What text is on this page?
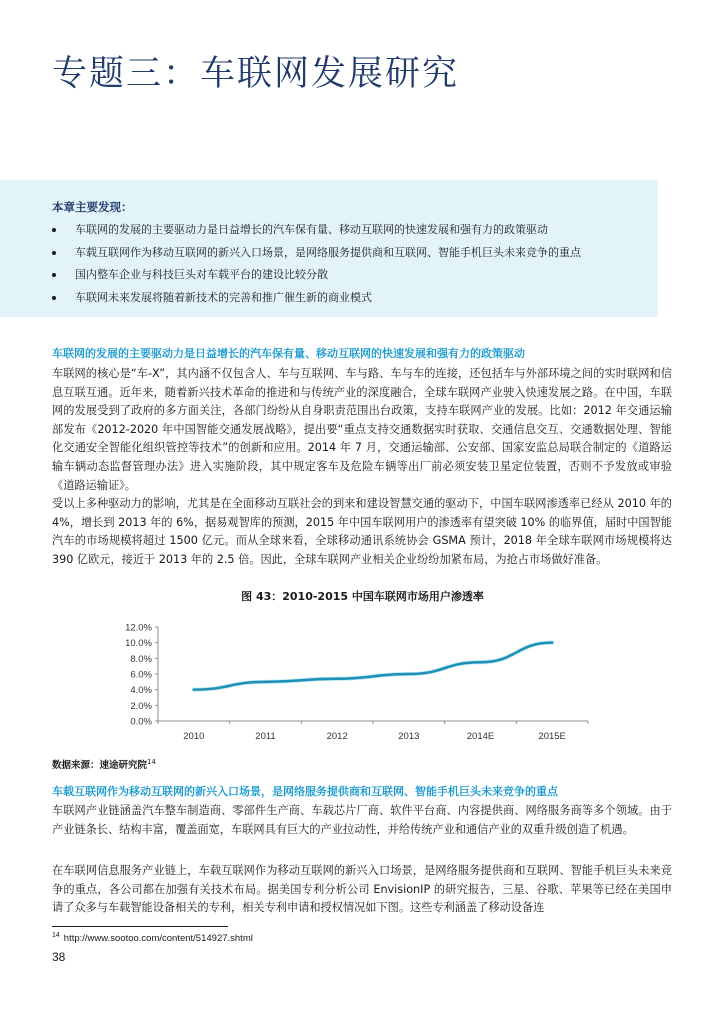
专题三：车联网发展研究
本章主要发现：
车联网的发展的主要驱动力是日益增长的汽车保有量、移动互联网的快速发展和强有力的政策驱动
车载互联网作为移动互联网的新兴入口场景，是网络服务提供商和互联网、智能手机巨头未来竞争的重点
国内整车企业与科技巨头对车载平台的建设比较分散
车联网未来发展将随着新技术的完善和推广催生新的商业模式
车联网的发展的主要驱动力是日益增长的汽车保有量、移动互联网的快速发展和强有力的政策驱动

车联网的核心是“车-X”，其内涵不仅包含人、车与互联网、车与路、车与车的连接，还包括车与外部环境之间的实时联网和信息互联互通。近年来，随着新兴技术革命的推进和与传统产业的深度融合，全球车联网产业驶入快速发展之路。在中国，车联网的发展受到了政府的多方面关注，各部门纷纷从自身职责范围出台政策，支持车联网产业的发展。比如：2012 年交通运输部发布《2012-2020 年中国智能交通发展战略》，提出要“重点支持交通数据实时获取、交通信息交互、交通数据处理、智能化交通安全智能化组织管控等技术”的创新和应用。2014 年 7 月，交通运输部、公安部、国家安监总局联合制定的《道路运输车辆动态监督管理办法》进入实施阶段，其中规定客车及危险车辆等出厂前必须安装卫星定位装置，否则不予发放或审验《道路运输证》。

受以上多种驱动力的影响，尤其是在全面移动互联社会的到来和建设智慧交通的驱动下，中国车联网渗透率已经从 2010 年的 4%，增长到 2013 年的 6%，据易观智库的预测，2015 年中国车联网用户的渗透率有望突破 10% 的临界值，届时中国智能汽车的市场规模将超过 1500 亿元。而从全球来看，全球移动通讯系统协会 GSMA 预计，2018 年全球车联网市场规模将达 390 亿欧元，接近于 2013 年的 2.5 倍。因此，全球车联网产业相关企业纷纷加紧布局，为抢占市场做好准备。

图 43：2010-2015 中国车联网市场用户渗透率
0.0%
2.0%
4.0%
6.0%
8.0%
10.0%
12.0%
2010	2011	2012	2013	2014E	2015E
数据来源：速途研究院$^{14}$
车载互联网作为移动互联网的新兴入口场景，是网络服务提供商和互联网、智能手机巨头未来竞争的重点

车联网产业链涵盖汽车整车制造商、零部件生产商、车载芯片厂商、软件平台商、内容提供商、网络服务商等多个领域。由于产业链条长、结构丰富，覆盖面宽，车联网具有巨大的产业拉动性，并给传统产业和通信产业的双重升级创造了机遇。

在车联网信息服务产业链上，车载互联网作为移动互联网的新兴入口场景，是网络服务提供商和互联网、智能手机巨头未来竞争的重点，各公司都在加强有关技术布局。据美国专利分析公司 EnvisionIP 的研究报告，三星、谷歌、苹果等已经在美国申请了众多与车载智能设备相关的专利，相关专利申请和授权情况如下图。这些专利涵盖了移动设备连

$^{14}$ http://www.sootoo.com/content/514927.shtml
38
